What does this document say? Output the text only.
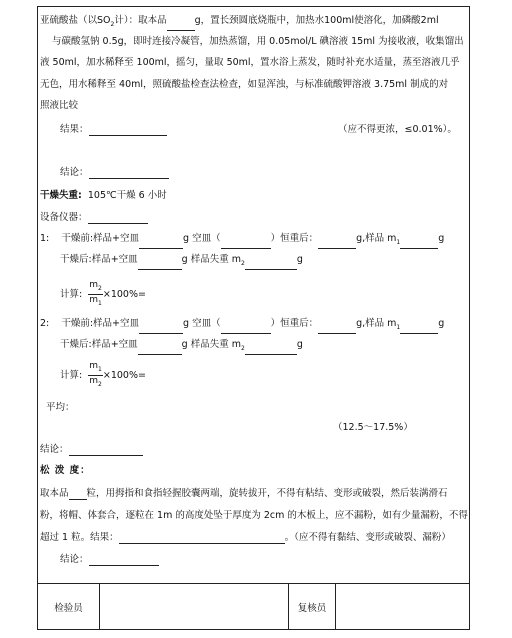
亚硫酸盐（以$SO_2$计）：取本品	g，置长颈圆底烧瓶中，加热水100ml使溶化，加磷酸2ml
与碳酸氢钠 0.5g，即时连接冷凝管，加热蒸馏，用 0.05mol/L 碘溶液 15ml 为接收液，收集馏出
液 50ml，加水稀释至 100ml，摇匀，量取 50ml，置水浴上蒸发，随时补充水适量，蒸至溶液几乎
无色，用水稀释至 40ml，照硫酸盐检查法检查，如显浑浊，与标准硫酸钾溶液 3.75ml 制成的对
照液比较
结果：	（应不得更浓，≤0.01%）。
结论：
干燥失重: 105℃干燥 6 小时
设备仪器：
1: 干燥前:样品+空皿	g 空皿（	）恒重后：	g,样品 $m_1$	g
干燥后:样品+空皿	g 样品失重 $m_2$	g
计算: $\frac{m_2}{m_1} \times 100\%=$
2: 干燥前:样品+空皿	g 空皿（	）恒重后：	g,样品 $m_1$	g
干燥后:样品+空皿	g 样品失重 $m_2$	g
计算: $\frac{m_1}{m_2} \times 100\%=$
平均：
（12.5～17.5%）
结论：
松 泼 度：
取本品 粒，用拇指和食指轻握胶囊两端，旋转拔开，不得有粘结、变形或破裂，然后装满滑石
粉，将帽、体套合，逐粒在 1m 的高度处坠于厚度为 2cm 的木板上，应不漏粉，如有少量漏粉，不得
超过 1 粒。结果：	。（应不得有黏结、变形或破裂、漏粉）
结论：
检验员	复核员
